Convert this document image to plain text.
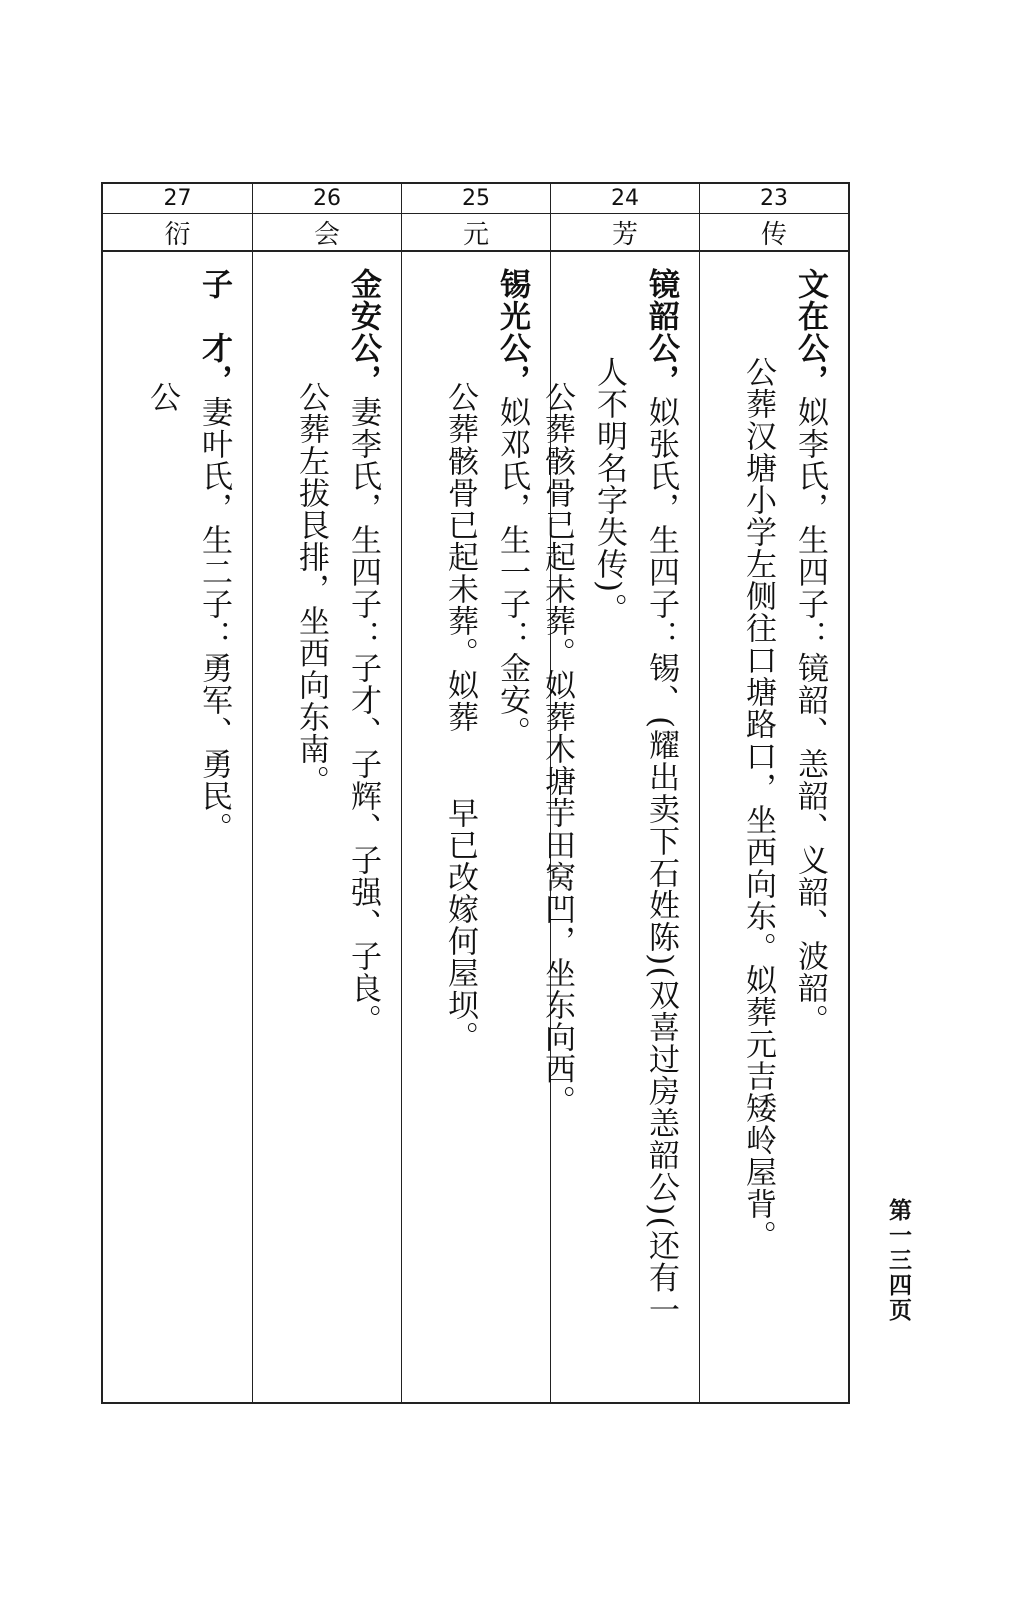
23
传
文在公，姒李氏，生四子：镜韶、恙韶、义韶、波韶。
公葬汉塘小学左侧往口塘路口，坐西向东。姒葬元吉矮岭屋背。
24
芳
镜韶公，姒张氏，生四子：锡、(耀出卖下石姓陈)(双喜过房恙韶公)(还有一
人不明名字失传)。
公葬骸骨已起未葬。姒葬木塘芋田窝凹，坐东向西。
25
元
锡光公，姒邓氏，生一子：金安。
公葬骸骨已起未葬。姒葬　　早已改嫁何屋坝。
26
会
金安公，妻李氏，生四子：子才、子辉、子强、子良。
公葬左拔艮排，坐西向东南。
27
衍
子　才，妻叶氏，生二子：勇军、勇民。
公
第一三四页
